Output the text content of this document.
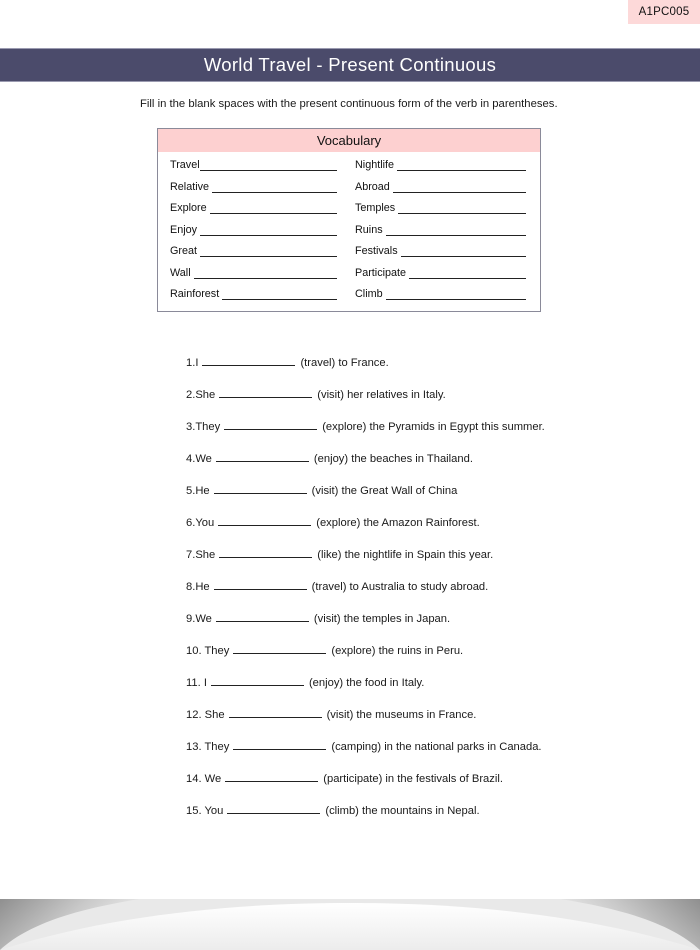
A1PC005
World Travel - Present Continuous
Fill in the blank spaces with the present continuous form of the verb in parentheses.
Vocabulary
Travel	Nightlife
Relative	Abroad
Explore	Temples
Enjoy	Ruins
Great	Festivals
Wall	Participate
Rainforest	Climb
1.I	(travel) to France.
2.She	(visit) her relatives in Italy.
3.They	(explore) the Pyramids in Egypt this summer.
4.We	(enjoy) the beaches in Thailand.
5.He	(visit) the Great Wall of China
6.You	(explore) the Amazon Rainforest.
7.She	(like) the nightlife in Spain this year.
8.He	(travel) to Australia to study abroad.
9.We	(visit) the temples in Japan.
10. They	(explore) the ruins in Peru.
11. I	(enjoy) the food in Italy.
12. She	(visit) the museums in France.
13. They	(camping) in the national parks in Canada.
14. We	(participate) in the festivals of Brazil.
15. You	(climb) the mountains in Nepal.
